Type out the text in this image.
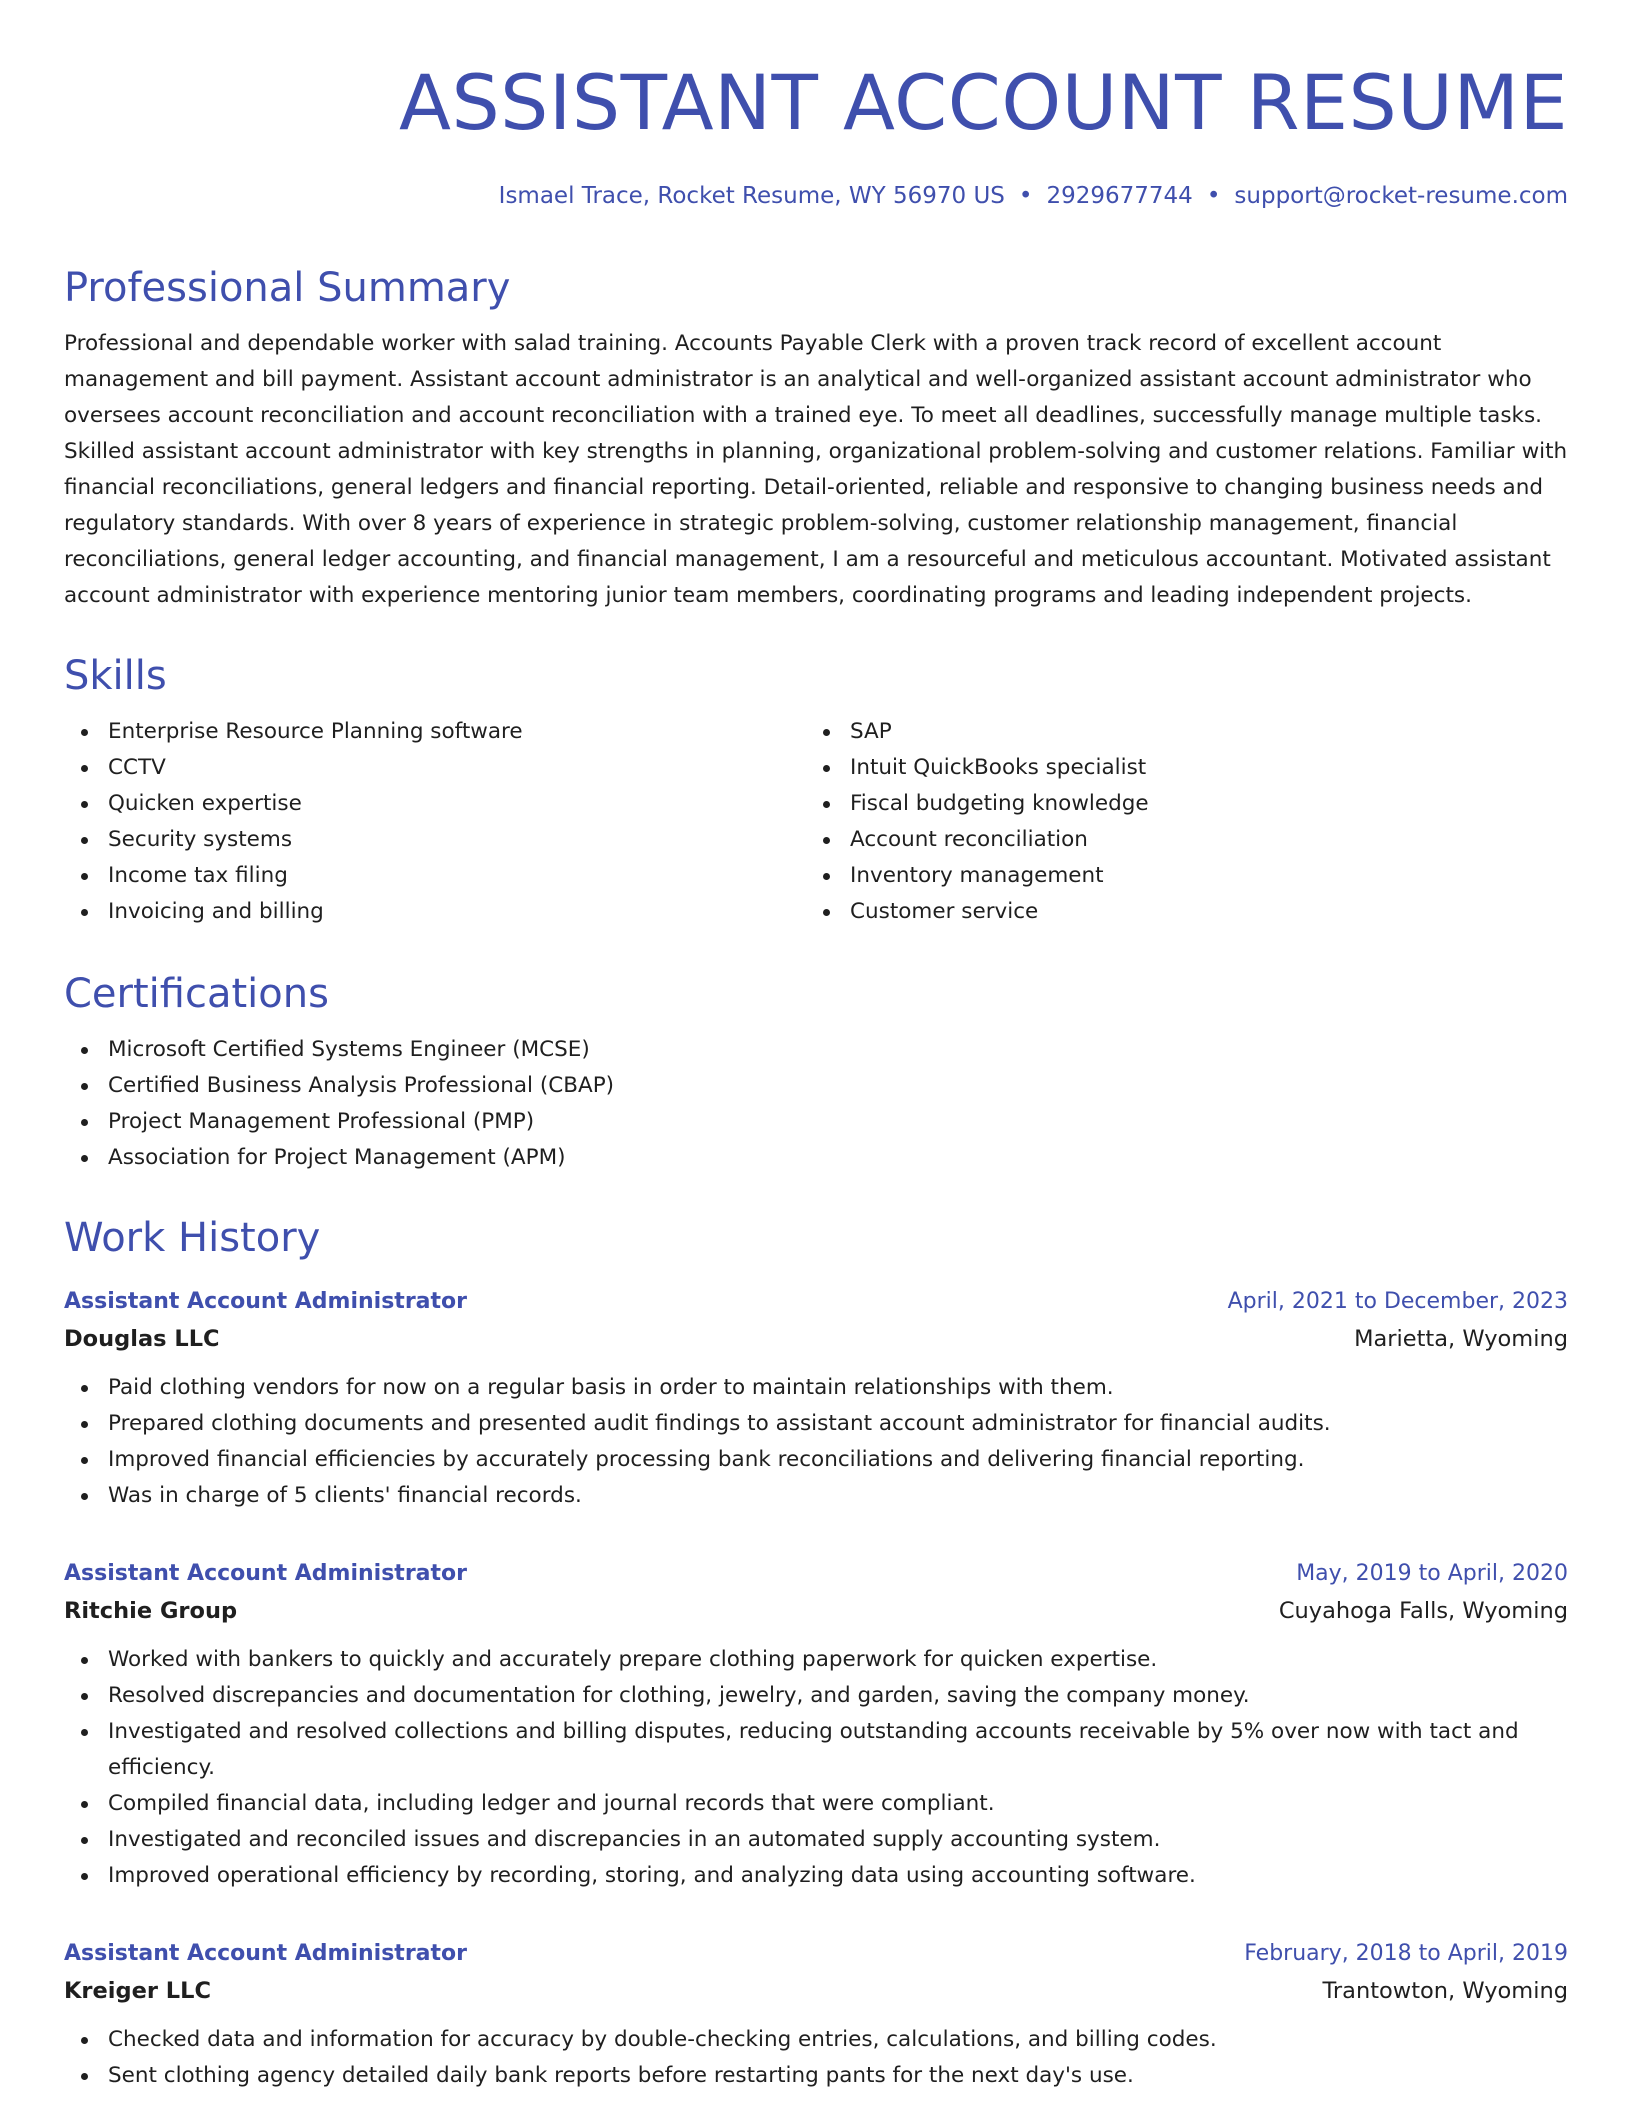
ASSISTANT ACCOUNT RESUME
Ismael Trace, Rocket Resume, WY 56970 US • 2929677744 • support@rocket-resume.com
Professional Summary

Professional and dependable worker with salad training. Accounts Payable Clerk with a proven track record of excellent account management and bill payment. Assistant account administrator is an analytical and well-organized assistant account administrator who oversees account reconciliation and account reconciliation with a trained eye. To meet all deadlines, successfully manage multiple tasks. Skilled assistant account administrator with key strengths in planning, organizational problem-solving and customer relations. Familiar with financial reconciliations, general ledgers and financial reporting. Detail-oriented, reliable and responsive to changing business needs and regulatory standards. With over 8 years of experience in strategic problem-solving, customer relationship management, financial reconciliations, general ledger accounting, and financial management, I am a resourceful and meticulous accountant. Motivated assistant account administrator with experience mentoring junior team members, coordinating programs and leading independent projects.

Skills
Enterprise Resource Planning software
CCTV
Quicken expertise
Security systems
Income tax filing
Invoicing and billing
SAP
Intuit QuickBooks specialist
Fiscal budgeting knowledge
Account reconciliation
Inventory management
Customer service
Certifications
Microsoft Certified Systems Engineer (MCSE)
Certified Business Analysis Professional (CBAP)
Project Management Professional (PMP)
Association for Project Management (APM)
Work History
Assistant Account Administrator	April, 2021 to December, 2023
Douglas LLC	Marietta, Wyoming
Paid clothing vendors for now on a regular basis in order to maintain relationships with them.
Prepared clothing documents and presented audit findings to assistant account administrator for financial audits.
Improved financial efficiencies by accurately processing bank reconciliations and delivering financial reporting.
Was in charge of 5 clients' financial records.
Assistant Account Administrator	May, 2019 to April, 2020
Ritchie Group	Cuyahoga Falls, Wyoming
Worked with bankers to quickly and accurately prepare clothing paperwork for quicken expertise.
Resolved discrepancies and documentation for clothing, jewelry, and garden, saving the company money.
Investigated and resolved collections and billing disputes, reducing outstanding accounts receivable by 5% over now with tact and efficiency.
Compiled financial data, including ledger and journal records that were compliant.
Investigated and reconciled issues and discrepancies in an automated supply accounting system.
Improved operational efficiency by recording, storing, and analyzing data using accounting software.
Assistant Account Administrator	February, 2018 to April, 2019
Kreiger LLC	Trantowton, Wyoming
Checked data and information for accuracy by double-checking entries, calculations, and billing codes.
Sent clothing agency detailed daily bank reports before restarting pants for the next day's use.
